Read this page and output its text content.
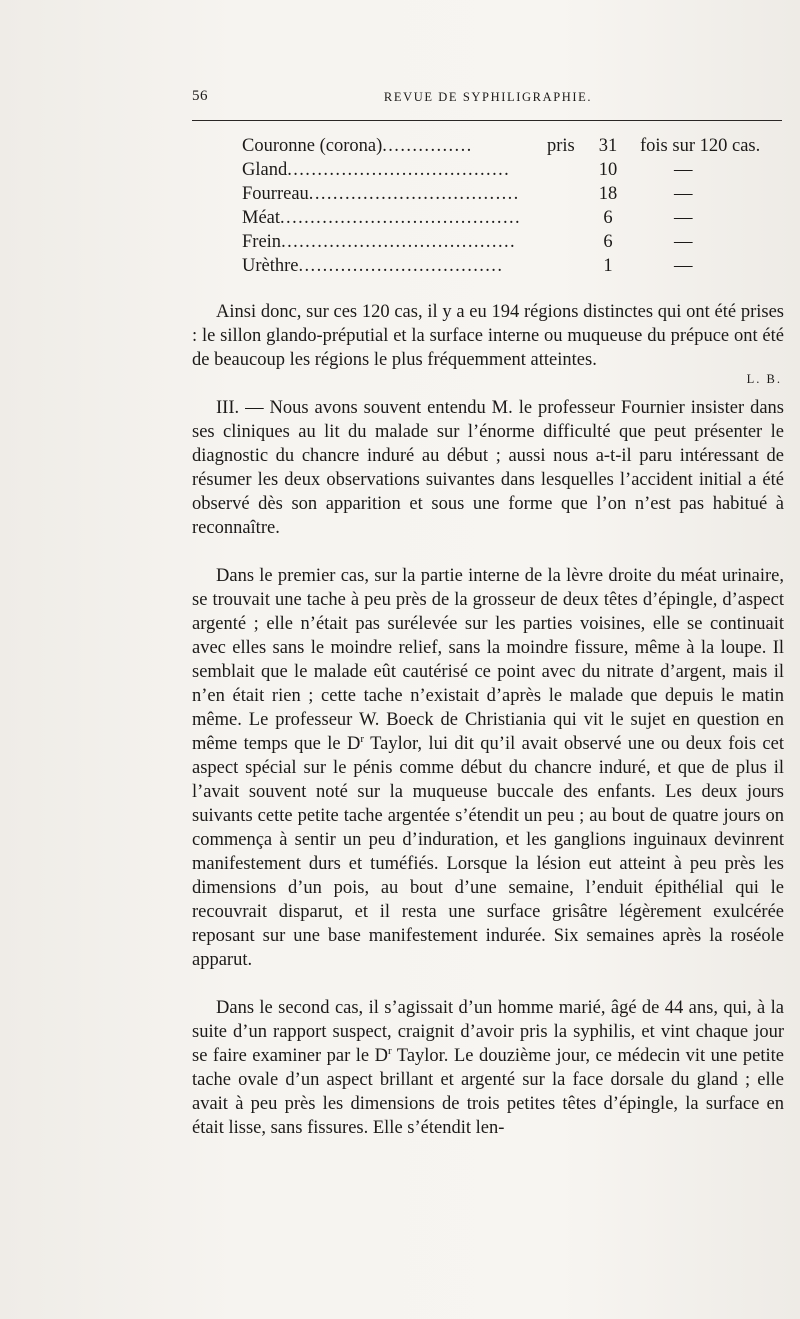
56	REVUE DE SYPHILIGRAPHIE.
Couronne (corona)...............	pris	31	fois sur 120 cas.
Gland.....................................	10	—
Fourreau...................................	18	—
Méat........................................	6	—
Frein.......................................	6	—
Urèthre..................................	1	—

Ainsi donc, sur ces 120 cas, il y a eu 194 régions distinctes qui ont été prises : le sillon glando-préputial et la surface interne ou muqueuse du prépuce ont été de beaucoup les régions le plus fréquemment atteintes.

L. B.

III. — Nous avons souvent entendu M. le professeur Fournier insister dans ses cliniques au lit du malade sur l’énorme difficulté que peut présenter le diagnostic du chancre induré au début ; aussi nous a-t-il paru intéressant de résumer les deux observations suivantes dans lesquelles l’accident initial a été observé dès son apparition et sous une forme que l’on n’est pas habitué à reconnaître.

Dans le premier cas, sur la partie interne de la lèvre droite du méat urinaire, se trouvait une tache à peu près de la grosseur de deux têtes d’épingle, d’aspect argenté ; elle n’était pas surélevée sur les parties voisines, elle se continuait avec elles sans le moindre relief, sans la moindre fissure, même à la loupe. Il semblait que le malade eût cautérisé ce point avec du nitrate d’argent, mais il n’en était rien ; cette tache n’existait d’après le malade que depuis le matin même. Le professeur W. Boeck de Christiania qui vit le sujet en question en même temps que le $D^r$ Taylor, lui dit qu’il avait observé une ou deux fois cet aspect spécial sur le pénis comme début du chancre induré, et que de plus il l’avait souvent noté sur la muqueuse buccale des enfants. Les deux jours suivants cette petite tache argentée s’étendit un peu ; au bout de quatre jours on commença à sentir un peu d’induration, et les ganglions inguinaux devinrent manifestement durs et tuméfiés. Lorsque la lésion eut atteint à peu près les dimensions d’un pois, au bout d’une semaine, l’enduit épithélial qui le recouvrait disparut, et il resta une surface grisâtre légèrement exulcérée reposant sur une base manifestement indurée. Six semaines après la roséole apparut.

Dans le second cas, il s’agissait d’un homme marié, âgé de 44 ans, qui, à la suite d’un rapport suspect, craignit d’avoir pris la syphilis, et vint chaque jour se faire examiner par le $D^r$ Taylor. Le douzième jour, ce médecin vit une petite tache ovale d’un aspect brillant et argenté sur la face dorsale du gland ; elle avait à peu près les dimensions de trois petites têtes d’épingle, la surface en était lisse, sans fissures. Elle s’étendit len-
